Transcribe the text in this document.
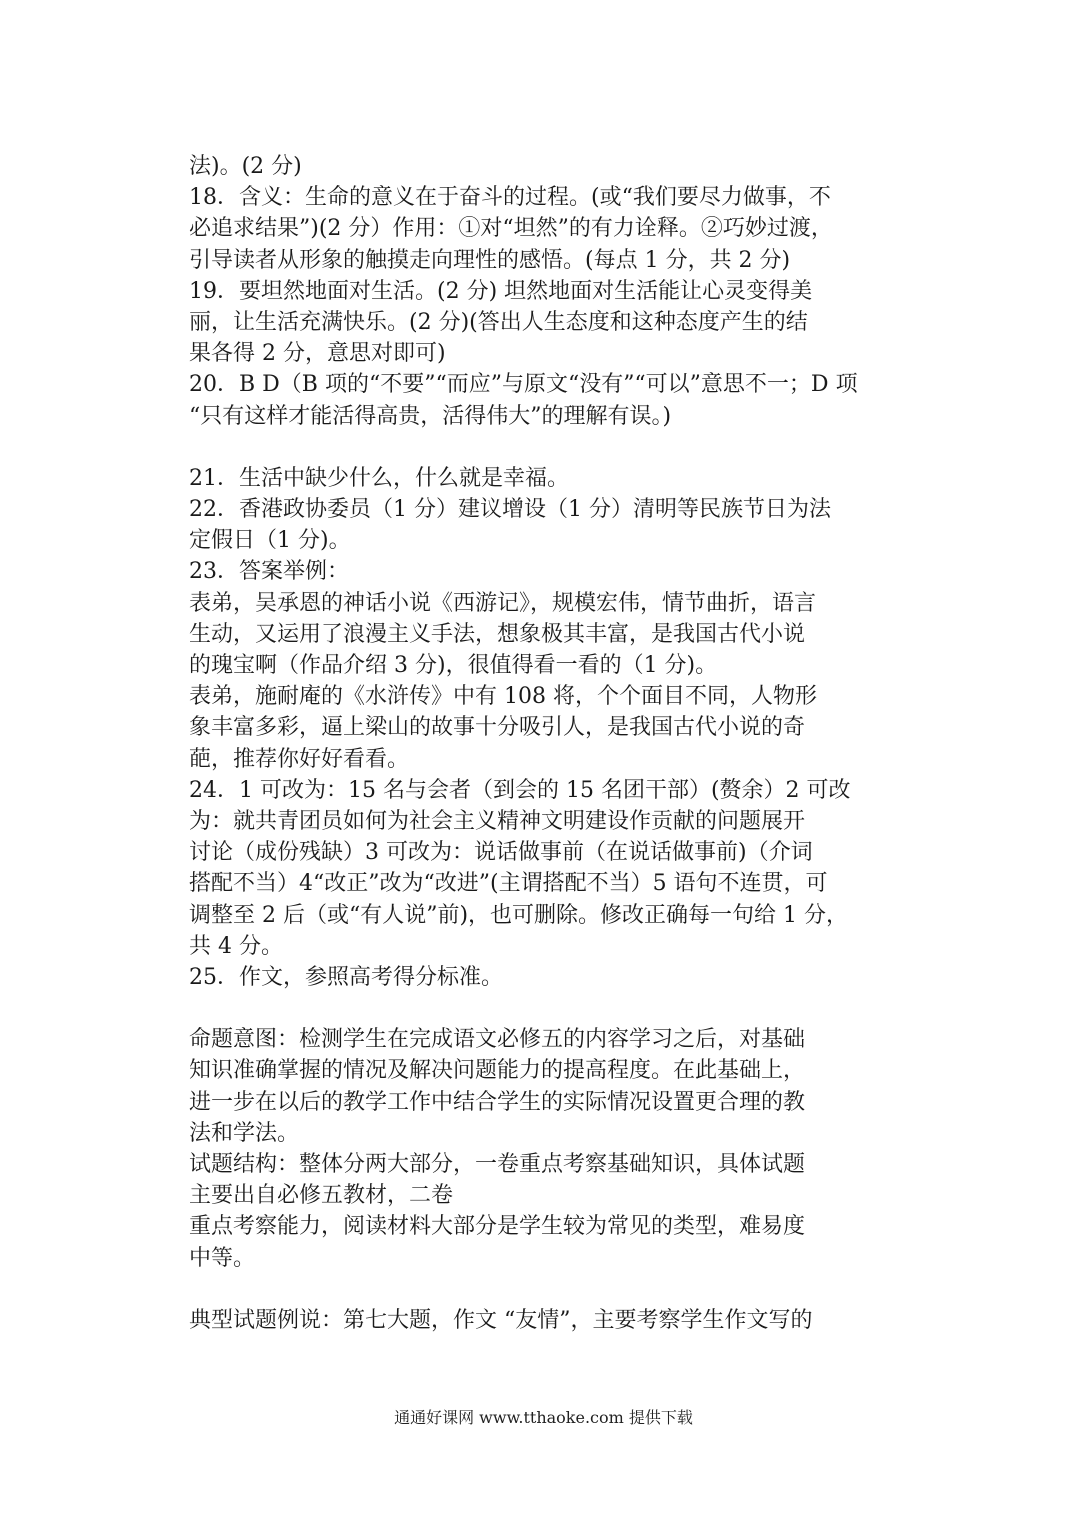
法)。(2 分)
18．含义：生命的意义在于奋斗的过程。(或“我们要尽力做事，不
必追求结果”)(2 分）作用：①对“坦然”的有力诠释。②巧妙过渡，
引导读者从形象的触摸走向理性的感悟。(每点 1 分，共 2 分)
19．要坦然地面对生活。(2 分) 坦然地面对生活能让心灵变得美
丽，让生活充满快乐。(2 分)(答出人生态度和这种态度产生的结
果各得 2 分，意思对即可)
20．B D（B 项的“不要”“而应”与原文“没有”“可以”意思不一；D 项
“只有这样才能活得高贵，活得伟大”的理解有误。)
21．生活中缺少什么，什么就是幸福。
22．香港政协委员（1 分）建议增设（1 分）清明等民族节日为法
定假日（1 分)。
23．答案举例：
表弟，吴承恩的神话小说《西游记》，规模宏伟，情节曲折，语言
生动，又运用了浪漫主义手法，想象极其丰富，是我国古代小说
的瑰宝啊（作品介绍 3 分)，很值得看一看的（1 分)。
表弟，施耐庵的《水浒传》中有 108 将，个个面目不同，人物形
象丰富多彩，逼上梁山的故事十分吸引人，是我国古代小说的奇
葩，推荐你好好看看。
24．1 可改为：15 名与会者（到会的 15 名团干部）(赘余）2 可改
为：就共青团员如何为社会主义精神文明建设作贡献的问题展开
讨论（成份残缺）3 可改为：说话做事前（在说话做事前)（介词
搭配不当）4“改正”改为“改进”(主谓搭配不当）5 语句不连贯，可
调整至 2 后（或“有人说”前)，也可删除。修改正确每一句给 1 分，
共 4 分。
25．作文，参照高考得分标准。
命题意图：检测学生在完成语文必修五的内容学习之后，对基础
知识准确掌握的情况及解决问题能力的提高程度。在此基础上，
进一步在以后的教学工作中结合学生的实际情况设置更合理的教
法和学法。
试题结构：整体分两大部分，一卷重点考察基础知识，具体试题
主要出自必修五教材，二卷
重点考察能力，阅读材料大部分是学生较为常见的类型，难易度
中等。
典型试题例说：第七大题，作文 “友情”，主要考察学生作文写的
通通好课网 www.tthaoke.com 提供下载
